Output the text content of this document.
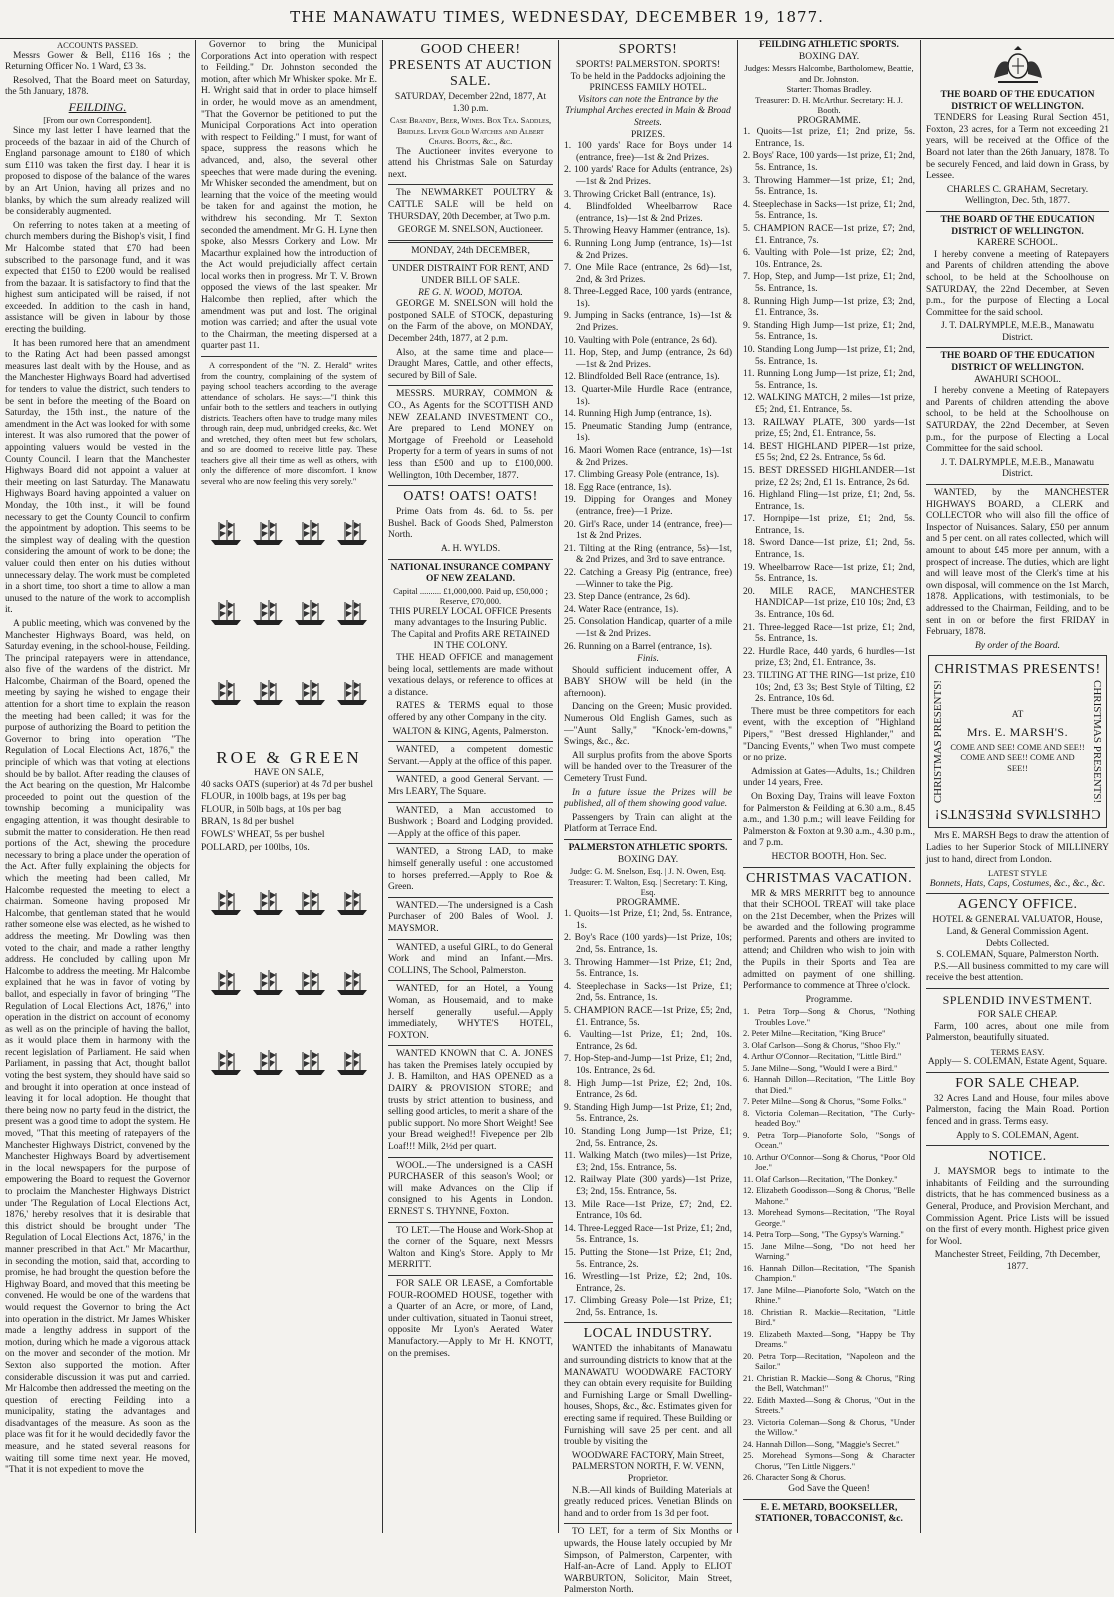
THE MANAWATU TIMES, WEDNESDAY, DECEMBER 19, 1877.
ACCOUNTS PASSED.

Messrs Gower & Bell, £116 16s ; the Returning Officer No. 1 Ward, £3 3s.

Resolved, That the Board meet on Saturday, the 5th January, 1878.

FEILDING.
[From our own Correspondent].

Since my last letter I have learned that the proceeds of the bazaar in aid of the Church of England parsonage amount to £180 of which sum £110 was taken the first day. I hear it is proposed to dispose of the balance of the wares by an Art Union, having all prizes and no blanks, by which the sum already realized will be considerably augmented.

On referring to notes taken at a meeting of church members during the Bishop's visit, I find Mr Halcombe stated that £70 had been subscribed to the parsonage fund, and it was expected that £150 to £200 would be realised from the bazaar. It is satisfactory to find that the highest sum anticipated will be raised, if not exceeded. In addition to the cash in hand, assistance will be given in labour by those erecting the building.

It has been rumored here that an amendment to the Rating Act had been passed amongst measures last dealt with by the House, and as the Manchester Highways Board had advertised for tenders to value the district, such tenders to be sent in before the meeting of the Board on Saturday, the 15th inst., the nature of the amendment in the Act was looked for with some interest. It was also rumored that the power of appointing valuers would be vested in the County Council. I learn that the Manchester Highways Board did not appoint a valuer at their meeting on last Saturday. The Manawatu Highways Board having appointed a valuer on Monday, the 10th inst., it will be found necessary to get the County Council to confirm the appointment by adoption. This seems to be the simplest way of dealing with the question considering the amount of work to be done; the valuer could then enter on his duties without unnecessary delay. The work must be completed in a short time, too short a time to allow a man unused to the nature of the work to accomplish it.

A public meeting, which was convened by the Manchester Highways Board, was held, on Saturday evening, in the school-house, Feilding. The principal ratepayers were in attendance, also five of the wardens of the district. Mr Halcombe, Chairman of the Board, opened the meeting by saying he wished to engage their attention for a short time to explain the reason the meeting had been called; it was for the purpose of authorizing the Board to petition the Governor to bring into operation "The Regulation of Local Elections Act, 1876," the principle of which was that voting at elections should be by ballot. After reading the clauses of the Act bearing on the question, Mr Halcombe proceeded to point out the question of the township becoming a municipality was engaging attention, it was thought desirable to submit the matter to consideration. He then read portions of the Act, shewing the procedure necessary to bring a place under the operation of the Act. After fully explaining the objects for which the meeting had been called, Mr Halcombe requested the meeting to elect a chairman. Someone having proposed Mr Halcombe, that gentleman stated that he would rather someone else was elected, as he wished to address the meeting. Mr Dowling was then voted to the chair, and made a rather lengthy address. He concluded by calling upon Mr Halcombe to address the meeting. Mr Halcombe explained that he was in favor of voting by ballot, and especially in favor of bringing "The Regulation of Local Elections Act, 1876," into operation in the district on account of economy as well as on the principle of having the ballot, as it would place them in harmony with the recent legislation of Parliament. He said when Parliament, in passing that Act, thought ballot voting the best system, they should have said so and brought it into operation at once instead of leaving it for local adoption. He thought that there being now no party feud in the district, the present was a good time to adopt the system. He moved, "That this meeting of ratepayers of the Manchester Highways District, convened by the Manchester Highways Board by advertisement in the local newspapers for the purpose of empowering the Board to request the Governor to proclaim the Manchester Highways District under 'The Regulation of Local Elections Act, 1876,' hereby resolves that it is desirable that this district should be brought under 'The Regulation of Local Elections Act, 1876,' in the manner prescribed in that Act." Mr Macarthur, in seconding the motion, said that, according to promise, he had brought the question before the Highway Board, and moved that this meeting be convened. He would be one of the wardens that would request the Governor to bring the Act into operation in the district. Mr James Whisker made a lengthy address in support of the motion, during which he made a vigorous attack on the mover and seconder of the motion. Mr Sexton also supported the motion. After considerable discussion it was put and carried. Mr Halcombe then addressed the meeting on the question of erecting Feilding into a municipality, stating the advantages and disadvantages of the measure. As soon as the place was fit for it he would decidedly favor the measure, and he stated several reasons for waiting till some time next year. He moved, "That it is not expedient to move the

Governor to bring the Municipal Corporations Act into operation with respect to Feilding." Dr. Johnston seconded the motion, after which Mr Whisker spoke. Mr E. H. Wright said that in order to place himself in order, he would move as an amendment, "That the Governor be petitioned to put the Municipal Corporations Act into operation with respect to Feilding." I must, for want of space, suppress the reasons which he advanced, and, also, the several other speeches that were made during the evening. Mr Whisker seconded the amendment, but on learning that the voice of the meeting would be taken for and against the motion, he withdrew his seconding. Mr T. Sexton seconded the amendment. Mr G. H. Lyne then spoke, also Messrs Corkery and Low. Mr Macarthur explained how the introduction of the Act would prejudicially affect certain local works then in progress. Mr T. V. Brown opposed the views of the last speaker. Mr Halcombe then replied, after which the amendment was put and lost. The original motion was carried; and after the usual vote to the Chairman, the meeting dispersed at a quarter past 11.

A correspondent of the "N. Z. Herald" writes from the country, complaining of the system of paying school teachers according to the average attendance of scholars. He says:—"I think this unfair both to the settlers and teachers in outlying districts. Teachers often have to trudge many miles through rain, deep mud, unbridged creeks, &c. Wet and wretched, they often meet but few scholars, and so are doomed to receive little pay. These teachers give all their time as well as others, with only the difference of more discomfort. I know several who are now feeling this very sorely."

ROE & GREEN
HAVE ON SALE,
40 sacks OATS (superior) at 4s 7d per bushel
FLOUR, in 100lb bags, at 19s per bag
FLOUR, in 50lb bags, at 10s per bag
BRAN, 1s 8d per bushel
FOWLS' WHEAT, 5s per bushel
POLLARD, per 100lbs, 10s.
GOOD CHEER! PRESENTS AT AUCTION SALE.
SATURDAY, December 22nd, 1877, At 1.30 p.m.
Case Brandy, Beer, Wines. Box Tea. Saddles, Bridles. Lever Gold Watches and Albert Chains. Boots, &c., &c.

The Auctioneer invites everyone to attend his Christmas Sale on Saturday next.

The NEWMARKET POULTRY & CATTLE SALE will be held on THURSDAY, 20th December, at Two p.m.

GEORGE M. SNELSON, Auctioneer.
MONDAY, 24th DECEMBER,
UNDER DISTRAINT FOR RENT, AND UNDER BILL OF SALE.
RE G. N. WOOD, MOTOA.

GEORGE M. SNELSON will hold the postponed SALE of STOCK, depasturing on the Farm of the above, on MONDAY, December 24th, 1877, at 2 p.m.

Also, at the same time and place—Draught Mares, Cattle, and other effects, secured by Bill of Sale.

MESSRS. MURRAY, COMMON & CO., As Agents for the SCOTTISH AND NEW ZEALAND INVESTMENT CO., Are prepared to Lend MONEY on Mortgage of Freehold or Leasehold Property for a term of years in sums of not less than £500 and up to £100,000. Wellington, 10th December, 1877.

OATS! OATS! OATS!

Prime Oats from 4s. 6d. to 5s. per Bushel. Back of Goods Shed, Palmerston North.

A. H. WYLDS.
NATIONAL INSURANCE COMPANY OF NEW ZEALAND.
Capital .......... £1,000,000. Paid up, £50,000 ; Reserve, £70,000.
THIS PURELY LOCAL OFFICE Presents many advantages to the Insuring Public.
The Capital and Profits ARE RETAINED IN THE COLONY.

THE HEAD OFFICE and management being local, settlements are made without vexatious delays, or reference to offices at a distance.

RATES & TERMS equal to those offered by any other Company in the city.

WALTON & KING, Agents, Palmerston.

WANTED, a competent domestic Servant.—Apply at the office of this paper.

WANTED, a good General Servant. —Mrs LEARY, The Square.

WANTED, a Man accustomed to Bushwork ; Board and Lodging provided.—Apply at the office of this paper.

WANTED, a Strong LAD, to make himself generally useful : one accustomed to horses preferred.—Apply to Roe & Green.

WANTED.—The undersigned is a Cash Purchaser of 200 Bales of Wool. J. MAYSMOR.

WANTED, a useful GIRL, to do General Work and mind an Infant.—Mrs. COLLINS, The School, Palmerston.

WANTED, for an Hotel, a Young Woman, as Housemaid, and to make herself generally useful.—Apply immediately, WHYTE'S HOTEL, FOXTON.

WANTED KNOWN that C. A. JONES has taken the Premises lately occupied by J. B. Hamilton, and HAS OPENED as a DAIRY & PROVISION STORE; and trusts by strict attention to business, and selling good articles, to merit a share of the public support. No more Short Weight! See your Bread weighed!! Fivepence per 2lb Loaf!!! Milk, 2½d per quart.

WOOL.—The undersigned is a CASH PURCHASER of this season's Wool; or will make Advances on the Clip if consigned to his Agents in London. ERNEST S. THYNNE, Foxton.

TO LET.—The House and Work-Shop at the corner of the Square, next Messrs Walton and King's Store. Apply to Mr MERRITT.

FOR SALE OR LEASE, a Comfortable FOUR-ROOMED HOUSE, together with a Quarter of an Acre, or more, of Land, under cultivation, situated in Taonui street, opposite Mr Lyon's Aerated Water Manufactory.—Apply to Mr H. KNOTT, on the premises.

SPORTS!
SPORTS! PALMERSTON. SPORTS!
To be held in the Paddocks adjoining the PRINCESS FAMILY HOTEL.
Visitors can note the Entrance by the Triumphal Arches erected in Main & Broad Streets.
PRIZES.
1. 100 yards' Race for Boys under 14 (entrance, free)—1st & 2nd Prizes.
2. 100 yards' Race for Adults (entrance, 2s)—1st & 2nd Prizes.
3. Throwing Cricket Ball (entrance, 1s).
4. Blindfolded Wheelbarrow Race (entrance, 1s)—1st & 2nd Prizes.
5. Throwing Heavy Hammer (entrance, 1s).
6. Running Long Jump (entrance, 1s)—1st & 2nd Prizes.
7. One Mile Race (entrance, 2s 6d)—1st, 2nd, & 3rd Prizes.
8. Three-Legged Race, 100 yards (entrance, 1s).
9. Jumping in Sacks (entrance, 1s)—1st & 2nd Prizes.
10. Vaulting with Pole (entrance, 2s 6d).
11. Hop, Step, and Jump (entrance, 2s 6d)—1st & 2nd Prizes.
12. Blindfolded Bell Race (entrance, 1s).
13. Quarter-Mile Hurdle Race (entrance, 1s).
14. Running High Jump (entrance, 1s).
15. Pneumatic Standing Jump (entrance, 1s).
16. Maori Women Race (entrance, 1s)—1st & 2nd Prizes.
17. Climbing Greasy Pole (entrance, 1s).
18. Egg Race (entrance, 1s).
19. Dipping for Oranges and Money (entrance, free)—1 Prize.
20. Girl's Race, under 14 (entrance, free)—1st & 2nd Prizes.
21. Tilting at the Ring (entrance, 5s)—1st, & 2nd Prizes, and 3rd to save entrance.
22. Catching a Greasy Pig (entrance, free)—Winner to take the Pig.
23. Step Dance (entrance, 2s 6d).
24. Water Race (entrance, 1s).
25. Consolation Handicap, quarter of a mile—1st & 2nd Prizes.
26. Running on a Barrel (entrance, 1s).
Finis.

Should sufficient inducement offer, A BABY SHOW will be held (in the afternoon).

Dancing on the Green; Music provided. Numerous Old English Games, such as—"Aunt Sally," "Knock-'em-downs," Swings, &c., &c.

All surplus profits from the above Sports will be handed over to the Treasurer of the Cemetery Trust Fund.

In a future issue the Prizes will be published, all of them showing good value.

Passengers by Train can alight at the Platform at Terrace End.

PALMERSTON ATHLETIC SPORTS.
BOXING DAY.
Judge: G. M. Snelson, Esq. | J. N. Owen, Esq. Treasurer: T. Walton, Esq. | Secretary: T. King, Esq.
PROGRAMME.
1. Quoits—1st Prize, £1; 2nd, 5s. Entrance, 1s.
2. Boy's Race (100 yards)—1st Prize, 10s; 2nd, 5s. Entrance, 1s.
3. Throwing Hammer—1st Prize, £1; 2nd, 5s. Entrance, 1s.
4. Steeplechase in Sacks—1st Prize, £1; 2nd, 5s. Entrance, 1s.
5. CHAMPION RACE—1st Prize, £5; 2nd, £1. Entrance, 5s.
6. Vaulting—1st Prize, £1; 2nd, 10s. Entrance, 2s 6d.
7. Hop-Step-and-Jump—1st Prize, £1; 2nd, 10s. Entrance, 2s 6d.
8. High Jump—1st Prize, £2; 2nd, 10s. Entrance, 2s 6d.
9. Standing High Jump—1st Prize, £1; 2nd, 5s. Entrance, 2s.
10. Standing Long Jump—1st Prize, £1; 2nd, 5s. Entrance, 2s.
11. Walking Match (two miles)—1st Prize, £3; 2nd, 15s. Entrance, 5s.
12. Railway Plate (300 yards)—1st Prize, £3; 2nd, 15s. Entrance, 5s.
13. Mile Race—1st Prize, £7; 2nd, £2. Entrance, 10s 6d.
14. Three-Legged Race—1st Prize, £1; 2nd, 5s. Entrance, 1s.
15. Putting the Stone—1st Prize, £1; 2nd, 5s. Entrance, 2s.
16. Wrestling—1st Prize, £2; 2nd, 10s. Entrance, 2s.
17. Climbing Greasy Pole—1st Prize, £1; 2nd, 5s. Entrance, 1s.
LOCAL INDUSTRY.

WANTED the inhabitants of Manawatu and surrounding districts to know that at the MANAWATU WOODWARE FACTORY they can obtain every requisite for Building and Furnishing Large or Small Dwelling-houses, Shops, &c., &c. Estimates given for erecting same if required. These Building or Furnishing will save 25 per cent. and all trouble by visiting the

WOODWARE FACTORY, Main Street, PALMERSTON NORTH, F. W. VENN, Proprietor.

N.B.—All kinds of Building Materials at greatly reduced prices. Venetian Blinds on hand and to order from 1s 3d per foot.

TO LET, for a term of Six Months or upwards, the House lately occupied by Mr Simpson, of Palmerston, Carpenter, with Half-an-Acre of Land. Apply to ELIOT WARBURTON, Solicitor, Main Street, Palmerston North.

FEILDING ATHLETIC SPORTS.
BOXING DAY.
Judges: Messrs Halcombe, Bartholomew, Beattie, and Dr. Johnston.
Starter: Thomas Bradley.
Treasurer: D. H. McArthur. Secretary: H. J. Booth.
PROGRAMME.
1. Quoits—1st prize, £1; 2nd prize, 5s. Entrance, 1s.
2. Boys' Race, 100 yards—1st prize, £1; 2nd, 5s. Entrance, 1s.
3. Throwing Hammer—1st prize, £1; 2nd, 5s. Entrance, 1s.
4. Steeplechase in Sacks—1st prize, £1; 2nd, 5s. Entrance, 1s.
5. CHAMPION RACE—1st prize, £7; 2nd, £1. Entrance, 7s.
6. Vaulting with Pole—1st prize, £2; 2nd, 10s. Entrance, 2s.
7. Hop, Step, and Jump—1st prize, £1; 2nd, 5s. Entrance, 1s.
8. Running High Jump—1st prize, £3; 2nd, £1. Entrance, 3s.
9. Standing High Jump—1st prize, £1; 2nd, 5s. Entrance, 1s.
10. Standing Long Jump—1st prize, £1; 2nd, 5s. Entrance, 1s.
11. Running Long Jump—1st prize, £1; 2nd, 5s. Entrance, 1s.
12. WALKING MATCH, 2 miles—1st prize, £5; 2nd, £1. Entrance, 5s.
13. RAILWAY PLATE, 300 yards—1st prize, £5; 2nd, £1. Entrance, 5s.
14. BEST HIGHLAND PIPER—1st prize, £5 5s; 2nd, £2 2s. Entrance, 5s 6d.
15. BEST DRESSED HIGHLANDER—1st prize, £2 2s; 2nd, £1 1s. Entrance, 2s 6d.
16. Highland Fling—1st prize, £1; 2nd, 5s. Entrance, 1s.
17. Hornpipe—1st prize, £1; 2nd, 5s. Entrance, 1s.
18. Sword Dance—1st prize, £1; 2nd, 5s. Entrance, 1s.
19. Wheelbarrow Race—1st prize, £1; 2nd, 5s. Entrance, 1s.
20. MILE RACE, MANCHESTER HANDICAP—1st prize, £10 10s; 2nd, £3 3s. Entrance, 10s 6d.
21. Three-legged Race—1st prize, £1; 2nd, 5s. Entrance, 1s.
22. Hurdle Race, 440 yards, 6 hurdles—1st prize, £3; 2nd, £1. Entrance, 3s.
23. TILTING AT THE RING—1st prize, £10 10s; 2nd, £3 3s; Best Style of Tilting, £2 2s. Entrance, 10s 6d.

There must be three competitors for each event, with the exception of "Highland Pipers," "Best dressed Highlander," and "Dancing Events," when Two must compete or no prize.

Admission at Gates—Adults, 1s.; Children under 14 years, Free.

On Boxing Day, Trains will leave Foxton for Palmerston & Feilding at 6.30 a.m., 8.45 a.m., and 1.30 p.m.; will leave Feilding for Palmerston & Foxton at 9.30 a.m., 4.30 p.m., and 7 p.m.

HECTOR BOOTH, Hon. Sec.
CHRISTMAS VACATION.

MR & MRS MERRITT beg to announce that their SCHOOL TREAT will take place on the 21st December, when the Prizes will be awarded and the following programme performed. Parents and others are invited to attend; and Children who wish to join with the Pupils in their Sports and Tea are admitted on payment of one shilling. Performance to commence at Three o'clock.

Programme.
1. Petra Torp—Song & Chorus, "Nothing Troubles Love."
2. Peter Milne—Recitation, "King Bruce"
3. Olaf Carlson—Song & Chorus, "Shoo Fly."
4. Arthur O'Connor—Recitation, "Little Bird."
5. Jane Milne—Song, "Would I were a Bird."
6. Hannah Dillon—Recitation, "The Little Boy that Died."
7. Peter Milne—Song & Chorus, "Some Folks."
8. Victoria Coleman—Recitation, "The Curly-headed Boy."
9. Petra Torp—Pianoforte Solo, "Songs of Ocean."
10. Arthur O'Connor—Song & Chorus, "Poor Old Joe."
11. Olaf Carlson—Recitation, "The Donkey."
12. Elizabeth Goodisson—Song & Chorus, "Belle Mahone."
13. Morehead Symons—Recitation, "The Royal George."
14. Petra Torp—Song, "The Gypsy's Warning."
15. Jane Milne—Song, "Do not heed her Warning."
16. Hannah Dillon—Recitation, "The Spanish Champion."
17. Jane Milne—Pianoforte Solo, "Watch on the Rhine."
18. Christian R. Mackie—Recitation, "Little Bird."
19. Elizabeth Maxted—Song, "Happy be Thy Dreams."
20. Petra Torp—Recitation, "Napoleon and the Sailor."
21. Christian R. Mackie—Song & Chorus, "Ring the Bell, Watchman!"
22. Edith Maxted—Song & Chorus, "Out in the Streets."
23. Victoria Coleman—Song & Chorus, "Under the Willow."
24. Hannah Dillon—Song, "Maggie's Secret."
25. Morehead Symons—Song & Character Chorus, "Ten Little Niggers."
26. Character Song & Chorus.
God Save the Queen!
E. E. METARD, BOOKSELLER, STATIONER, TOBACCONIST, &c.
THE BOARD OF THE EDUCATION DISTRICT OF WELLINGTON.

TENDERS for Leasing Rural Section 451, Foxton, 23 acres, for a Term not exceeding 21 years, will be received at the Office of the Board not later than the 26th January, 1878. To be securely Fenced, and laid down in Grass, by Lessee.

CHARLES C. GRAHAM, Secretary. Wellington, Dec. 5th, 1877.
THE BOARD OF THE EDUCATION DISTRICT OF WELLINGTON.
KARERE SCHOOL.

I hereby convene a meeting of Ratepayers and Parents of children attending the above school, to be held at the Schoolhouse on SATURDAY, the 22nd December, at Seven p.m., for the purpose of Electing a Local Committee for the said school.

J. T. DALRYMPLE, M.E.B., Manawatu District.
THE BOARD OF THE EDUCATION DISTRICT OF WELLINGTON.
AWAHURI SCHOOL.

I hereby convene a Meeting of Ratepayers and Parents of children attending the above school, to be held at the Schoolhouse on SATURDAY, the 22nd December, at Seven p.m., for the purpose of Electing a Local Committee for the said school.

J. T. DALRYMPLE, M.E.B., Manawatu District.

WANTED, by the MANCHESTER HIGHWAYS BOARD, a CLERK and COLLECTOR who will also fill the office of Inspector of Nuisances. Salary, £50 per annum and 5 per cent. on all rates collected, which will amount to about £45 more per annum, with a prospect of increase. The duties, which are light and will leave most of the Clerk's time at his own disposal, will commence on the 1st March, 1878. Applications, with testimonials, to be addressed to the Chairman, Feilding, and to be sent in on or before the first FRIDAY in February, 1878.

By order of the Board.
CHRISTMAS PRESENTS!
CHRISTMAS PRESENTS!	AT
Mrs. E. MARSH'S.
COME AND SEE! COME AND SEE!!
COME AND SEE!! COME AND SEE!!	CHRISTMAS PRESENTS!
CHRISTMAS PRESENTS!

Mrs E. MARSH Begs to draw the attention of Ladies to her Superior Stock of MILLINERY just to hand, direct from London.

LATEST STYLE
Bonnets, Hats, Caps, Costumes, &c., &c., &c.
AGENCY OFFICE.
HOTEL & GENERAL VALUATOR, House, Land, & General Commission Agent.
Debts Collected.
S. COLEMAN, Square, Palmerston North.

P.S.—All business committed to my care will receive the best attention.

SPLENDID INVESTMENT.
FOR SALE CHEAP.

Farm, 100 acres, about one mile from Palmerston, beautifully situated.

TERMS EASY.
Apply— S. COLEMAN, Estate Agent, Square.
FOR SALE CHEAP.

32 Acres Land and House, four miles above Palmerston, facing the Main Road. Portion fenced and in grass. Terms easy.

Apply to S. COLEMAN, Agent.
NOTICE.

J. MAYSMOR begs to intimate to the inhabitants of Feilding and the surrounding districts, that he has commenced business as a General, Produce, and Provision Merchant, and Commission Agent. Price Lists will be issued on the first of every month. Highest price given for Wool.

Manchester Street, Feilding, 7th December, 1877.
